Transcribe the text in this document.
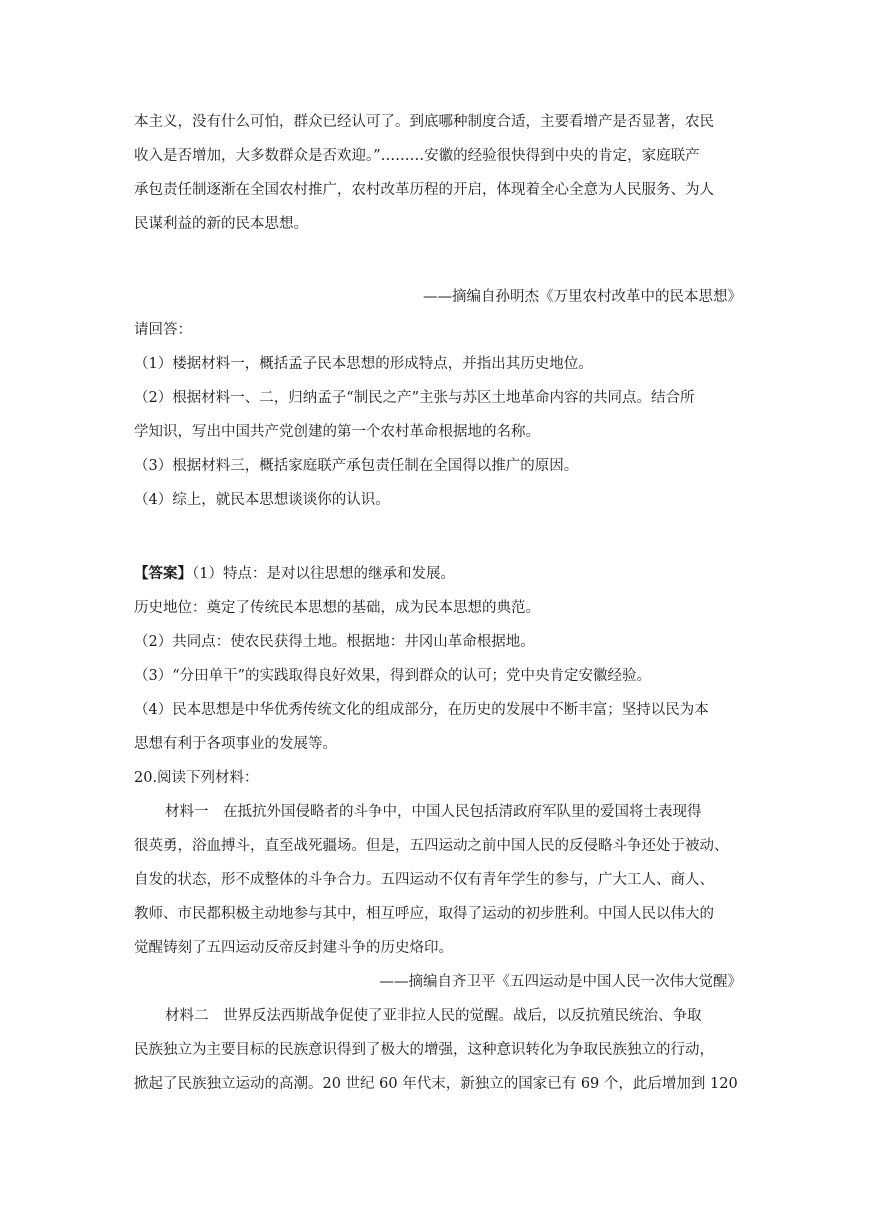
本主义，没有什么可怕，群众已经认可了。到底哪种制度合适，主要看增产是否显著，农民
收入是否增加，大多数群众是否欢迎。”………安徽的经验很快得到中央的肯定，家庭联产
承包责任制逐渐在全国农村推广，农村改革历程的开启，体现着全心全意为人民服务、为人
民谋利益的新的民本思想。
——摘编自孙明杰《万里农村改革中的民本思想》
请回答：
（1）楼据材料一，概括孟子民本思想的形成特点，并指出其历史地位。
（2）根据材料一、二，归纳孟子“制民之产”主张与苏区土地革命内容的共同点。结合所
学知识，写出中国共产党创建的第一个农村革命根据地的名称。
（3）根据材料三，概括家庭联产承包责任制在全国得以推广的原因。
（4）综上，就民本思想谈谈你的认识。
【答案】（1）特点：是对以往思想的继承和发展。
历史地位：奠定了传统民本思想的基础，成为民本思想的典范。
（2）共同点：使农民获得土地。根据地：井冈山革命根据地。
（3）“分田单干”的实践取得良好效果，得到群众的认可；党中央肯定安徽经验。
（4）民本思想是中华优秀传统文化的组成部分，在历史的发展中不断丰富；坚持以民为本
思想有利于各项事业的发展等。
20.阅读下列材料：
材料一　在抵抗外国侵略者的斗争中，中国人民包括清政府军队里的爱国将士表现得
很英勇，浴血搏斗，直至战死疆场。但是，五四运动之前中国人民的反侵略斗争还处于被动、
自发的状态，形不成整体的斗争合力。五四运动不仅有青年学生的参与，广大工人、商人、
教师、市民都积极主动地参与其中，相互呼应，取得了运动的初步胜利。中国人民以伟大的
觉醒铸刻了五四运动反帝反封建斗争的历史烙印。
——摘编自齐卫平《五四运动是中国人民一次伟大觉醒》
材料二　世界反法西斯战争促使了亚非拉人民的觉醒。战后，以反抗殖民统治、争取
民族独立为主要目标的民族意识得到了极大的增强，这种意识转化为争取民族独立的行动，
掀起了民族独立运动的高潮。20 世纪 60 年代末，新独立的国家已有 69 个，此后增加到 120
